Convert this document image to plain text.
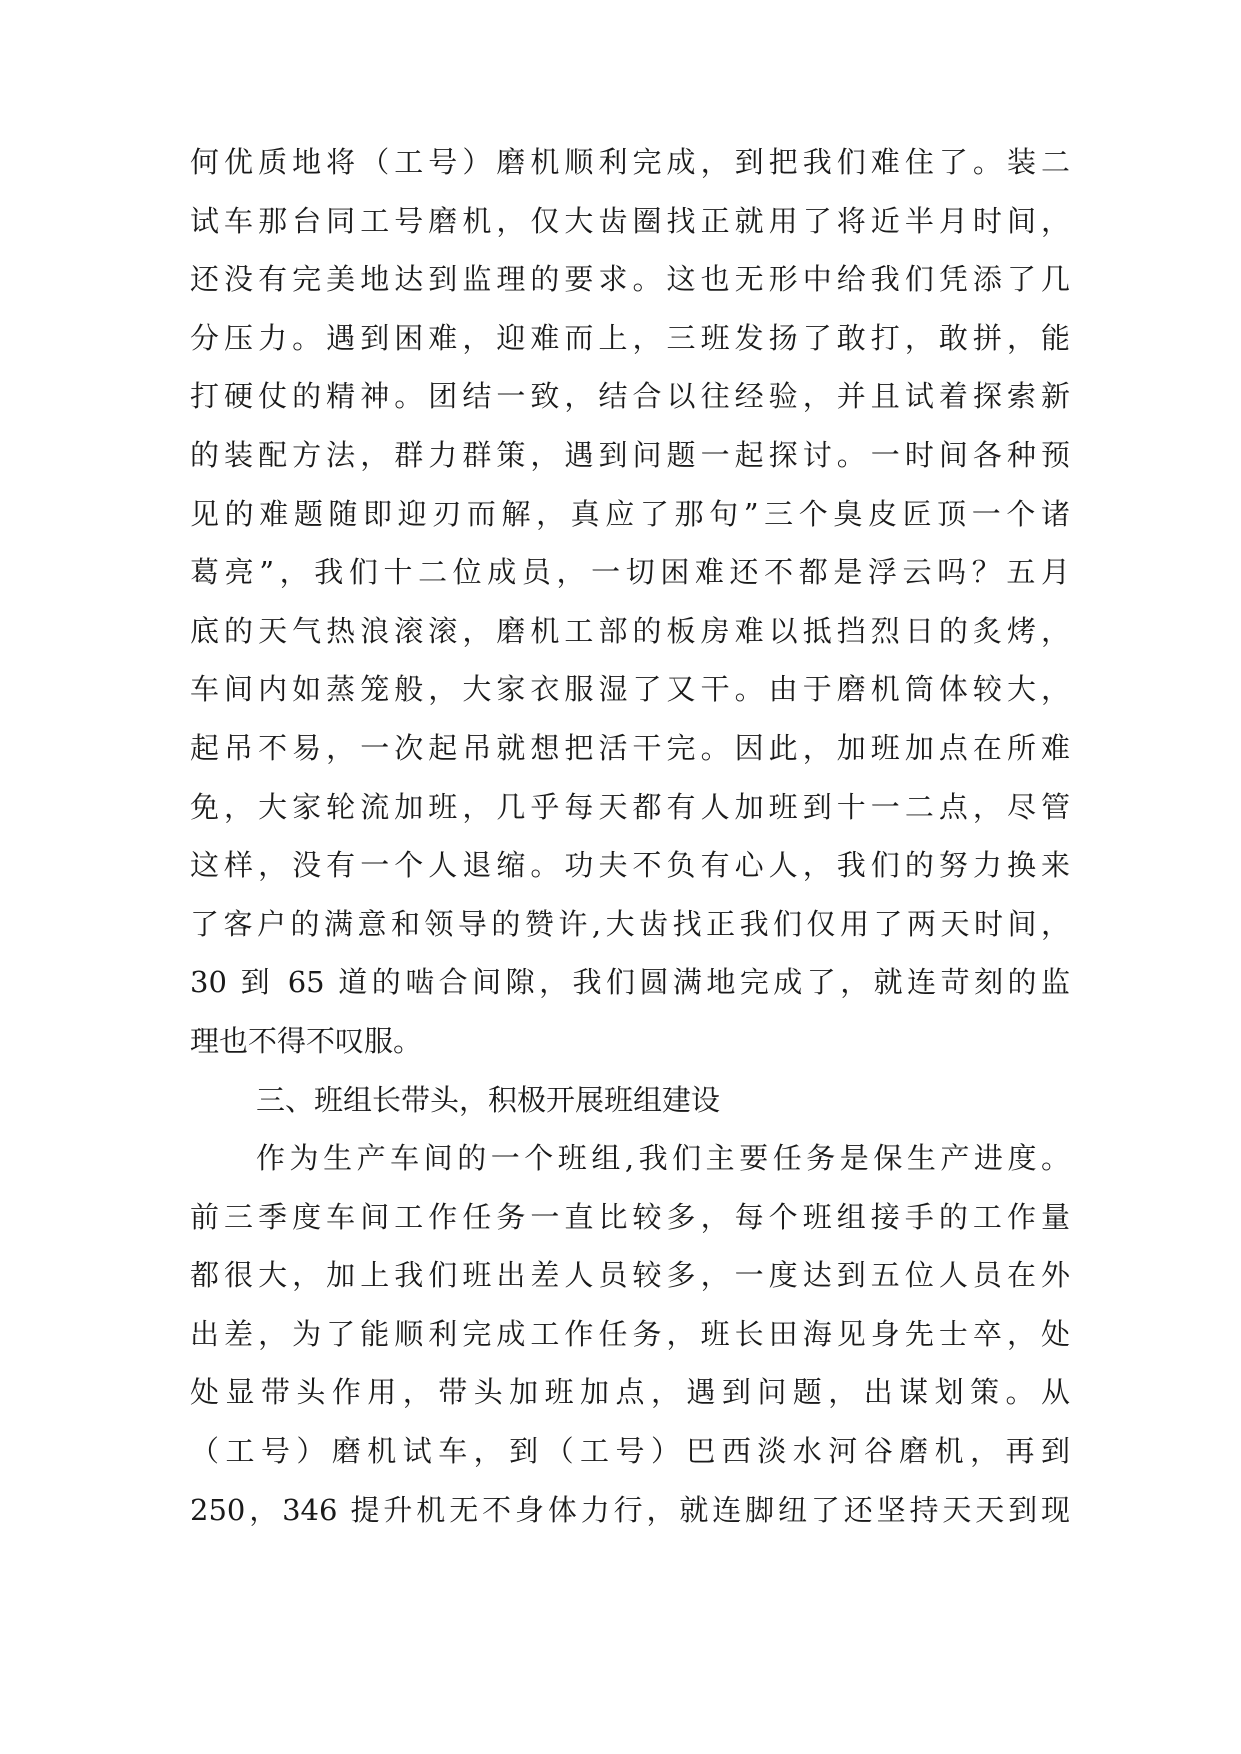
何优质地将（工号）磨机顺利完成，到把我们难住了。装二
试车那台同工号磨机，仅大齿圈找正就用了将近半月时间，
还没有完美地达到监理的要求。这也无形中给我们凭添了几
分压力。遇到困难，迎难而上，三班发扬了敢打，敢拼，能
打硬仗的精神。团结一致，结合以往经验，并且试着探索新
的装配方法，群力群策，遇到问题一起探讨。一时间各种预
见的难题随即迎刃而解，真应了那句”三个臭皮匠顶一个诸
葛亮”，我们十二位成员，一切困难还不都是浮云吗？五月
底的天气热浪滚滚，磨机工部的板房难以抵挡烈日的炙烤，
车间内如蒸笼般，大家衣服湿了又干。由于磨机筒体较大，
起吊不易，一次起吊就想把活干完。因此，加班加点在所难
免，大家轮流加班，几乎每天都有人加班到十一二点，尽管
这样，没有一个人退缩。功夫不负有心人，我们的努力换来
了客户的满意和领导的赞许,大齿找正我们仅用了两天时间，
30 到 65 道的啮合间隙，我们圆满地完成了，就连苛刻的监
理也不得不叹服。
三、班组长带头，积极开展班组建设
作为生产车间的一个班组,我们主要任务是保生产进度。
前三季度车间工作任务一直比较多，每个班组接手的工作量
都很大，加上我们班出差人员较多，一度达到五位人员在外
出差，为了能顺利完成工作任务，班长田海见身先士卒，处
处显带头作用，带头加班加点，遇到问题，出谋划策。从
（工号）磨机试车，到（工号）巴西淡水河谷磨机，再到
250，346 提升机无不身体力行，就连脚纽了还坚持天天到现
